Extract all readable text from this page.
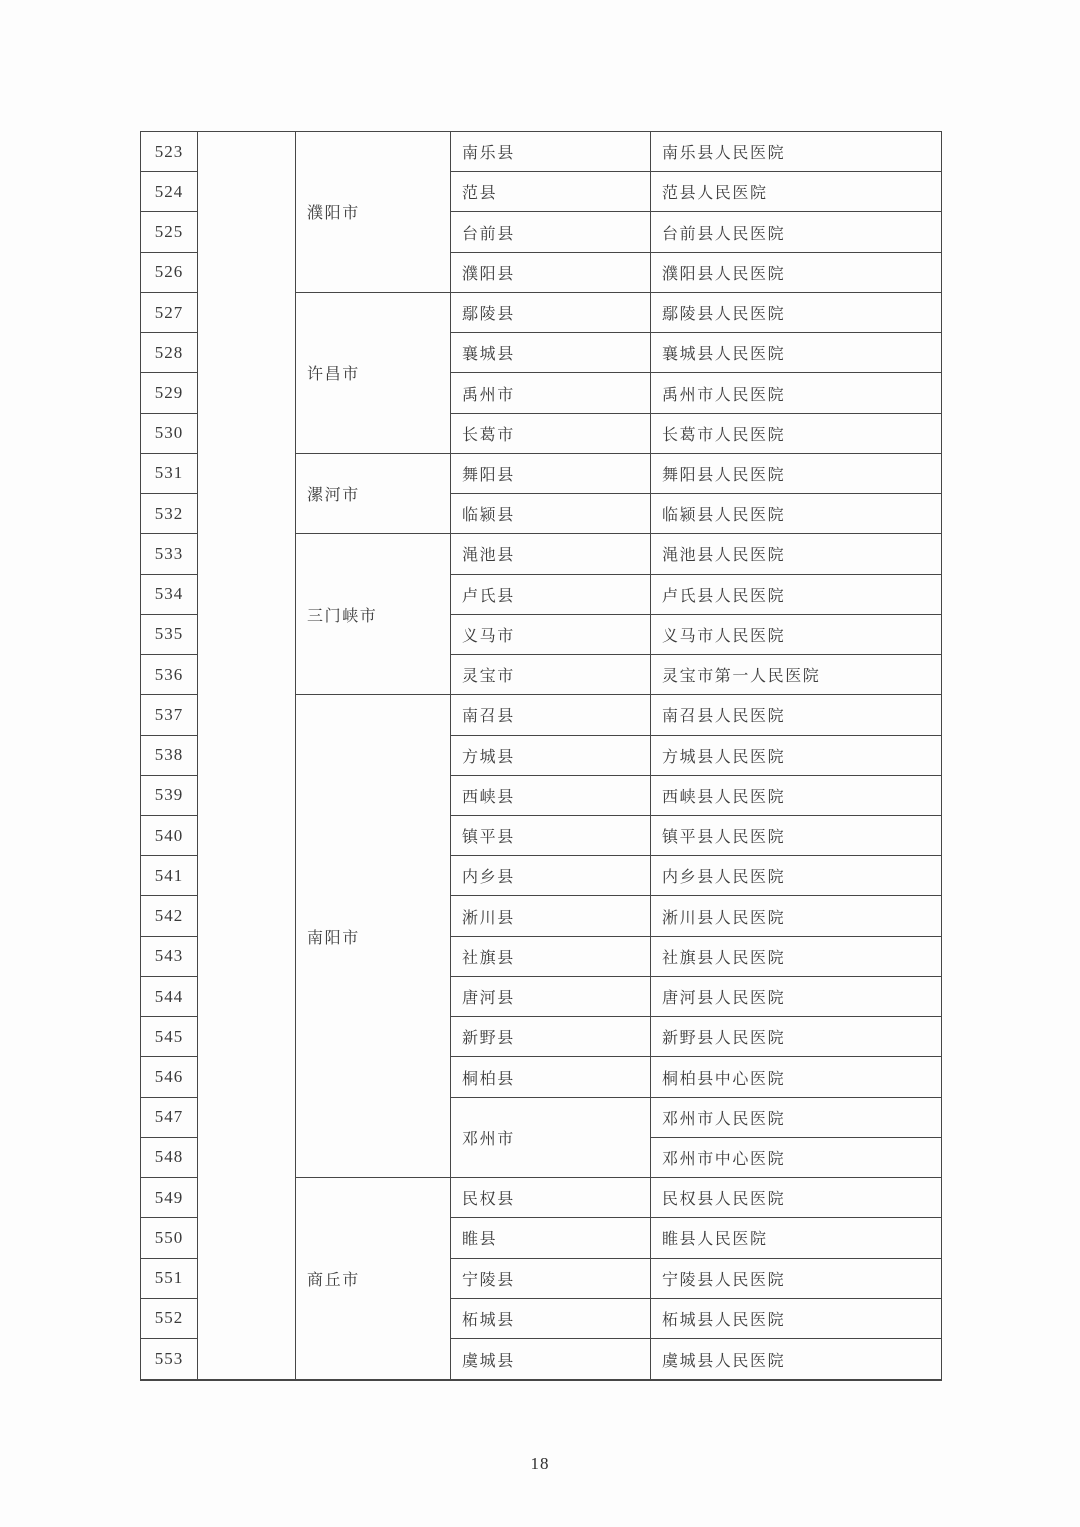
523		濮阳市	南乐县	南乐县人民医院
524			范县	范县人民医院
525			台前县	台前县人民医院
526			濮阳县	濮阳县人民医院
527		许昌市	鄢陵县	鄢陵县人民医院
528			襄城县	襄城县人民医院
529			禹州市	禹州市人民医院
530			长葛市	长葛市人民医院
531		漯河市	舞阳县	舞阳县人民医院
532			临颍县	临颍县人民医院
533		三门峡市	渑池县	渑池县人民医院
534			卢氏县	卢氏县人民医院
535			义马市	义马市人民医院
536			灵宝市	灵宝市第一人民医院
537		南阳市	南召县	南召县人民医院
538			方城县	方城县人民医院
539			西峡县	西峡县人民医院
540			镇平县	镇平县人民医院
541			内乡县	内乡县人民医院
542			淅川县	淅川县人民医院
543			社旗县	社旗县人民医院
544			唐河县	唐河县人民医院
545			新野县	新野县人民医院
546			桐柏县	桐柏县中心医院
547			邓州市	邓州市人民医院
548				邓州市中心医院
549		商丘市	民权县	民权县人民医院
550			睢县	睢县人民医院
551			宁陵县	宁陵县人民医院
552			柘城县	柘城县人民医院
553			虞城县	虞城县人民医院
18
